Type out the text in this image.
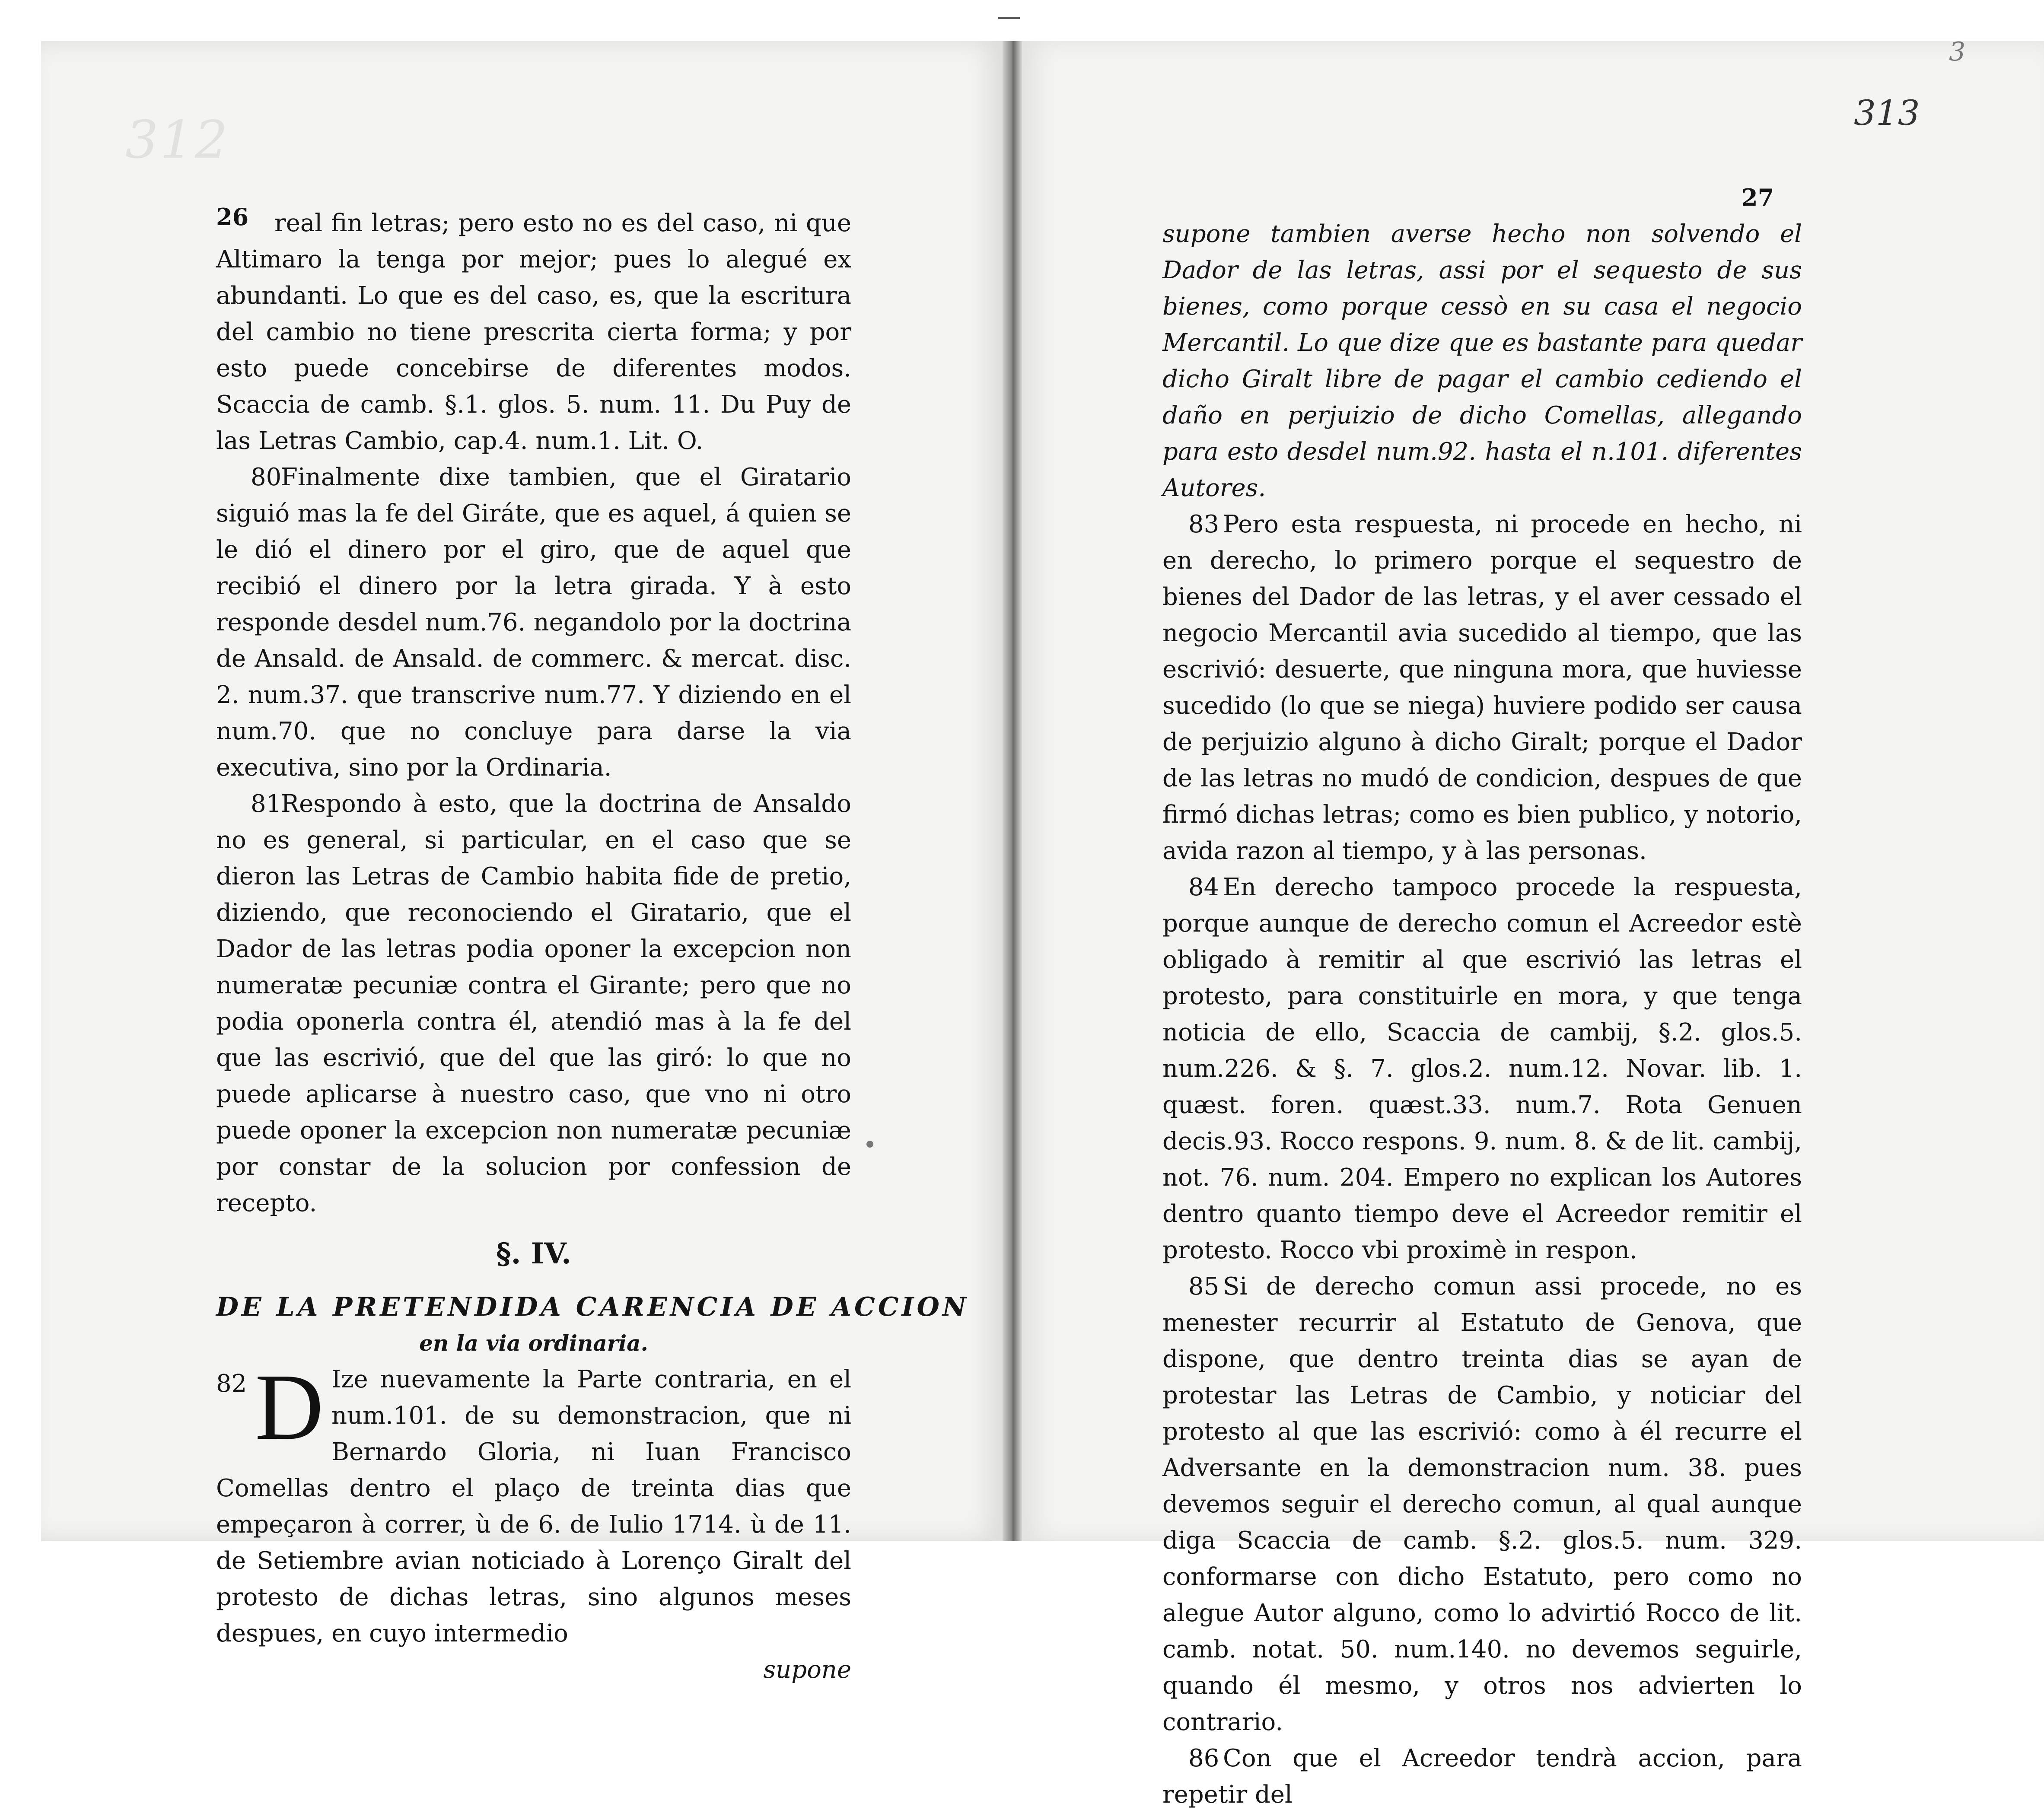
312
26	real fin letras; pero esto no es del caso, ni que Altimaro la tenga por mejor; pues lo alegué ex abundanti. Lo que es del caso, es, que la escritura del cambio no tiene prescrita cierta forma; y por esto puede concebirse de diferentes modos. Scaccia de camb. §.1. glos. 5. num. 11. Du Puy de las Letras Cambio, cap.4. num.1. Lit. O.

80Finalmente dixe tambien, que el Giratario siguió mas la fe del Giráte, que es aquel, á quien se le dió el dinero por el giro, que de aquel que recibió el dinero por la letra girada. Y à esto responde desdel num.76. negandolo por la doctrina de Ansald. de Ansald. de commerc. & mercat. disc. 2. num.37. que transcrive num.77. Y diziendo en el num.70. que no concluye para darse la via executiva, sino por la Ordinaria.

81Respondo à esto, que la doctrina de Ansaldo no es general, si particular, en el caso que se dieron las Letras de Cambio habita fide de pretio, diziendo, que reconociendo el Giratario, que el Dador de las letras podia oponer la excepcion non numeratæ pecuniæ contra el Girante; pero que no podia oponerla contra él, atendió mas à la fe del que las escrivió, que del que las giró: lo que no puede aplicarse à nuestro caso, que vno ni otro puede oponer la excepcion non numeratæ pecuniæ por constar de la solucion por confession de recepto.

§. IV.

DE LA PRETENDIDA CARENCIA DE ACCION

en la via ordinaria.

82 D Ize nuevamente la Parte contraria, en el num.101. de su demonstracion, que ni Bernardo Gloria, ni Iuan Francisco Comellas dentro el plaço de treinta dias que empeçaron à correr, ù de 6. de Iulio 1714. ù de 11. de Setiembre avian noticiado à Lorenço Giralt del protesto de dichas letras, sino algunos meses despues, en cuyo intermedio

supone

3
313
27

supone tambien averse hecho non solvendo el Dador de las letras, assi por el sequesto de sus bienes, como porque cessò en su casa el negocio Mercantil. Lo que dize que es bastante para quedar dicho Giralt libre de pagar el cambio cediendo el daño en perjuizio de dicho Comellas, allegando para esto desdel num.92. hasta el n.101. diferentes Autores.

83 Pero esta respuesta, ni procede en hecho, ni en derecho, lo primero porque el sequestro de bienes del Dador de las letras, y el aver cessado el negocio Mercantil avia sucedido al tiempo, que las escrivió: desuerte, que ninguna mora, que huviesse sucedido (lo que se niega) huviere podido ser causa de perjuizio alguno à dicho Giralt; porque el Dador de las letras no mudó de condicion, despues de que firmó dichas letras; como es bien publico, y notorio, avida razon al tiempo, y à las personas.

84 En derecho tampoco procede la respuesta, porque aunque de derecho comun el Acreedor estè obligado à remitir al que escrivió las letras el protesto, para constituirle en mora, y que tenga noticia de ello, Scaccia de cambij, §.2. glos.5. num.226. & §. 7. glos.2. num.12. Novar. lib. 1. quæst. foren. quæst.33. num.7. Rota Genuen decis.93. Rocco respons. 9. num. 8. & de lit. cambij, not. 76. num. 204. Empero no explican los Autores dentro quanto tiempo deve el Acreedor remitir el protesto. Rocco vbi proximè in respon.

85 Si de derecho comun assi procede, no es menester recurrir al Estatuto de Genova, que dispone, que dentro treinta dias se ayan de protestar las Letras de Cambio, y noticiar del protesto al que las escrivió: como à él recurre el Adversante en la demonstracion num. 38. pues devemos seguir el derecho comun, al qual aunque diga Scaccia de camb. §.2. glos.5. num. 329. conformarse con dicho Estatuto, pero como no alegue Autor alguno, como lo advirtió Rocco de lit. camb. notat. 50. num.140. no devemos seguirle, quando él mesmo, y otros nos advierten lo contrario.

86 Con que el Acreedor tendrà accion, para repetir del
